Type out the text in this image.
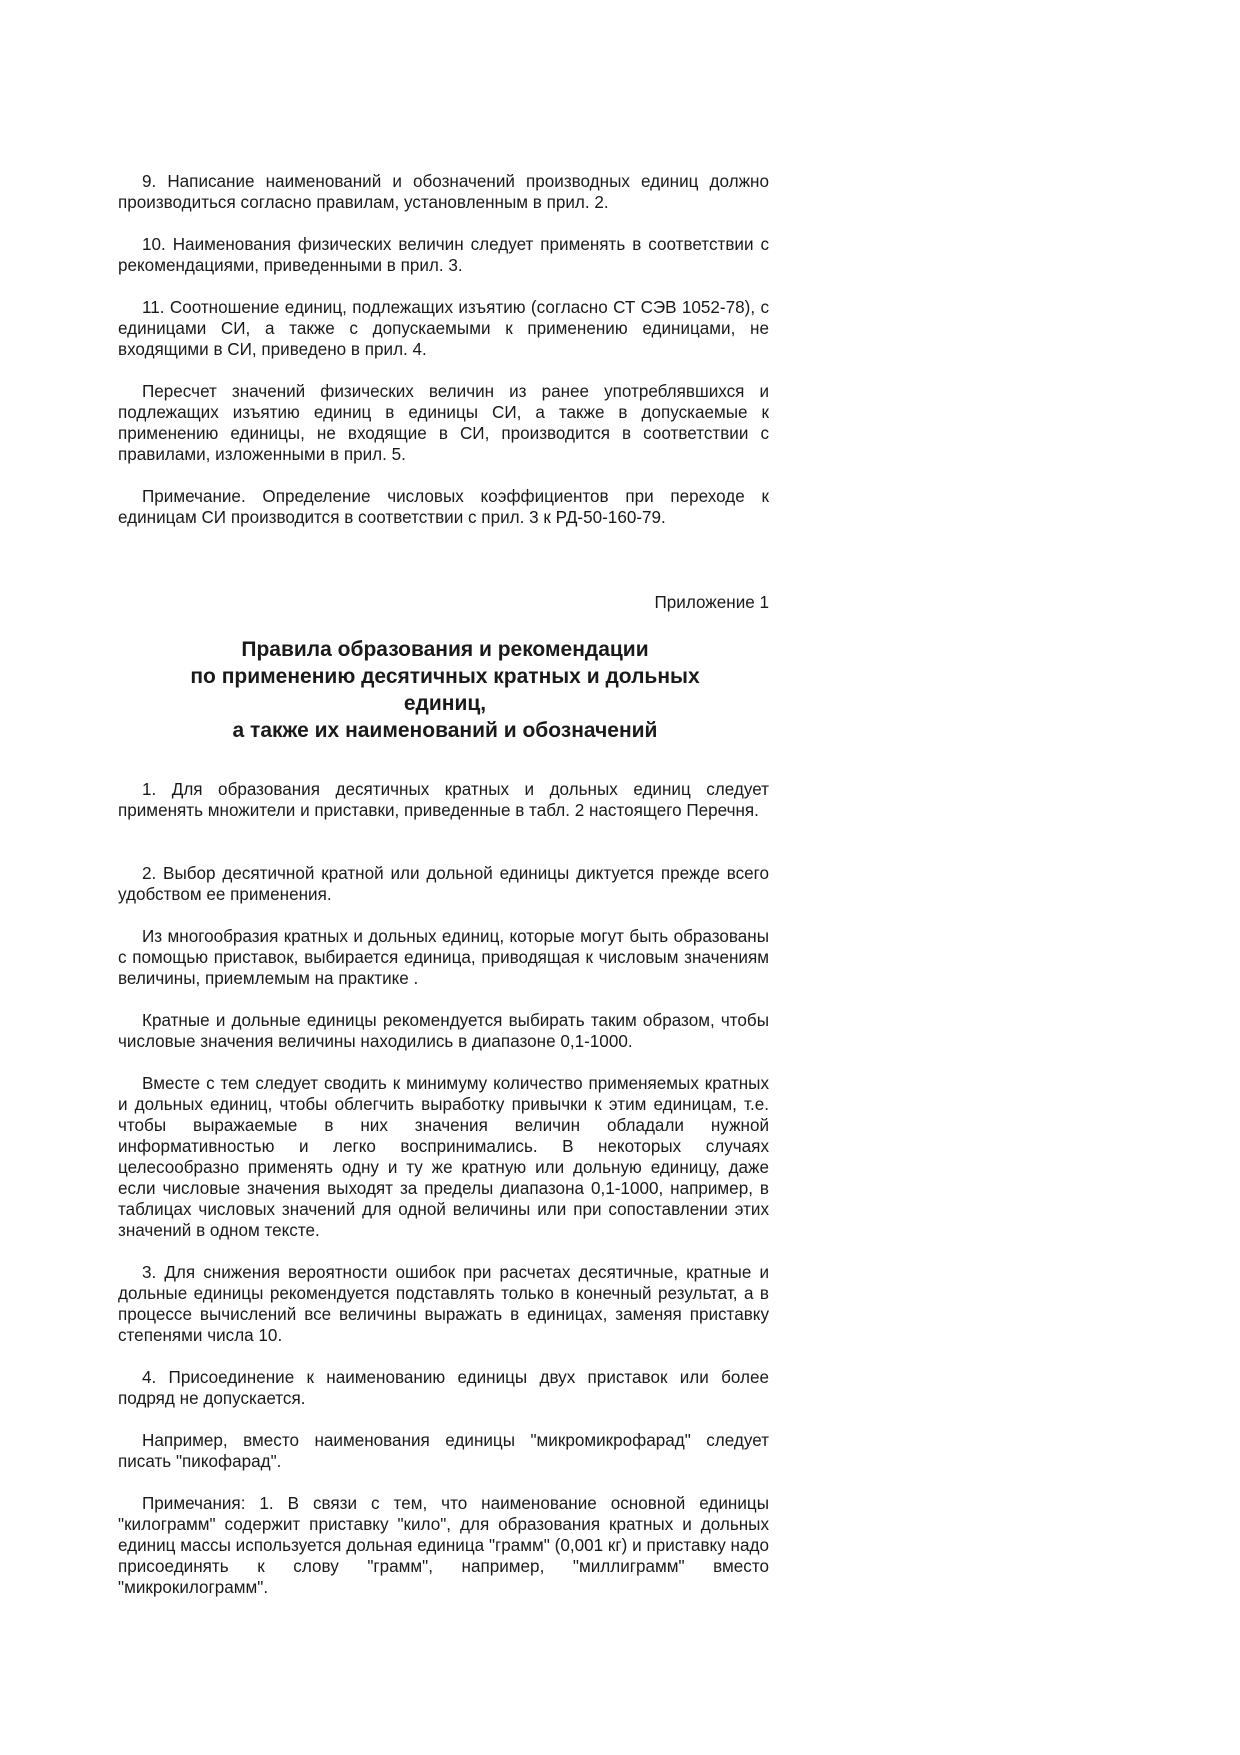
9. Написание наименований и обозначений производных единиц должно производиться согласно правилам, установленным в прил. 2.

10. Наименования физических величин следует применять в соответствии с рекомендациями, приведенными в прил. 3.

11. Соотношение единиц, подлежащих изъятию (согласно СТ СЭВ 1052-78), с единицами СИ, а также с допускаемыми к применению единицами, не входящими в СИ, приведено в прил. 4.

Пересчет значений физических величин из ранее употреблявшихся и подлежащих изъятию единиц в единицы СИ, а также в допускаемые к применению единицы, не входящие в СИ, производится в соответствии с правилами, изложенными в прил. 5.

Примечание. Определение числовых коэффициентов при переходе к единицам СИ производится в соответствии с прил. 3 к РД-50-160-79.

Приложение 1
Правила образования и рекомендации
по применению десятичных кратных и дольных
единиц,
а также их наименований и обозначений

1. Для образования десятичных кратных и дольных единиц следует применять множители и приставки, приведенные в табл. 2 настоящего Перечня.

2. Выбор десятичной кратной или дольной единицы диктуется прежде всего удобством ее применения.

Из многообразия кратных и дольных единиц, которые могут быть образованы с помощью приставок, выбирается единица, приводящая к числовым значениям величины, приемлемым на практике .

Кратные и дольные единицы рекомендуется выбирать таким образом, чтобы числовые значения величины находились в диапазоне 0,1-1000.

Вместе с тем следует сводить к минимуму количество применяемых кратных и дольных единиц, чтобы облегчить выработку привычки к этим единицам, т.е. чтобы выражаемые в них значения величин обладали нужной информативностью и легко воспринимались. В некоторых случаях целесообразно применять одну и ту же кратную или дольную единицу, даже если числовые значения выходят за пределы диапазона 0,1-1000, например, в таблицах числовых значений для одной величины или при сопоставлении этих значений в одном тексте.

3. Для снижения вероятности ошибок при расчетах десятичные, кратные и дольные единицы рекомендуется подставлять только в конечный результат, а в процессе вычислений все величины выражать в единицах, заменяя приставку степенями числа 10.

4. Присоединение к наименованию единицы двух приставок или более подряд не допускается.

Например, вместо наименования единицы "микромикрофарад" следует писать "пикофарад".

Примечания: 1. В связи с тем, что наименование основной единицы "килограмм" содержит приставку "кило", для образования кратных и дольных единиц массы используется дольная единица "грамм" (0,001 кг) и приставку надо присоединять к слову "грамм", например, "миллиграмм" вместо "микрокилограмм".
